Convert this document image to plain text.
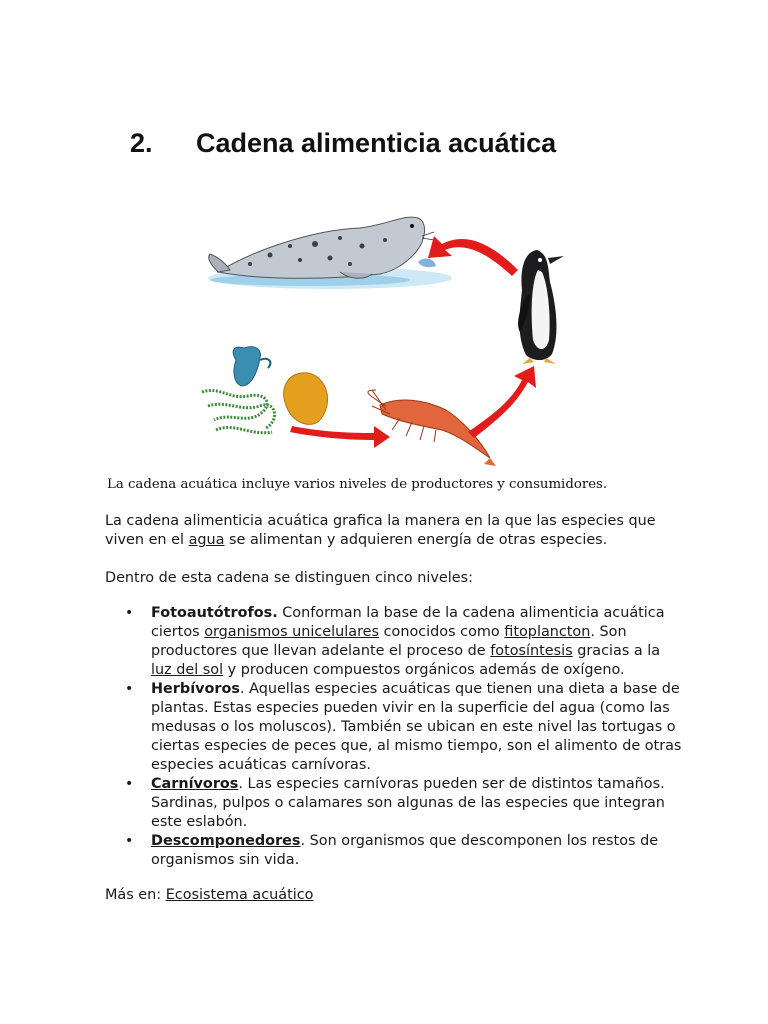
2.	Cadena alimenticia acuática
La cadena acuática incluye varios niveles de productores y consumidores.
La cadena alimenticia acuática grafica la manera en la que las especies que viven en el agua se alimentan y adquieren energía de otras especies.
Dentro de esta cadena se distinguen cinco niveles:
• Fotoautótrofos. Conforman la base de la cadena alimenticia acuática ciertos organismos unicelulares conocidos como fitoplancton. Son productores que llevan adelante el proceso de fotosíntesis gracias a la luz del sol y producen compuestos orgánicos además de oxígeno.
• Herbívoros. Aquellas especies acuáticas que tienen una dieta a base de plantas. Estas especies pueden vivir en la superficie del agua (como las medusas o los moluscos). También se ubican en este nivel las tortugas o ciertas especies de peces que, al mismo tiempo, son el alimento de otras especies acuáticas carnívoras.
• Carnívoros. Las especies carnívoras pueden ser de distintos tamaños. Sardinas, pulpos o calamares son algunas de las especies que integran este eslabón.
• Descomponedores. Son organismos que descomponen los restos de organismos sin vida.
Más en: Ecosistema acuático
